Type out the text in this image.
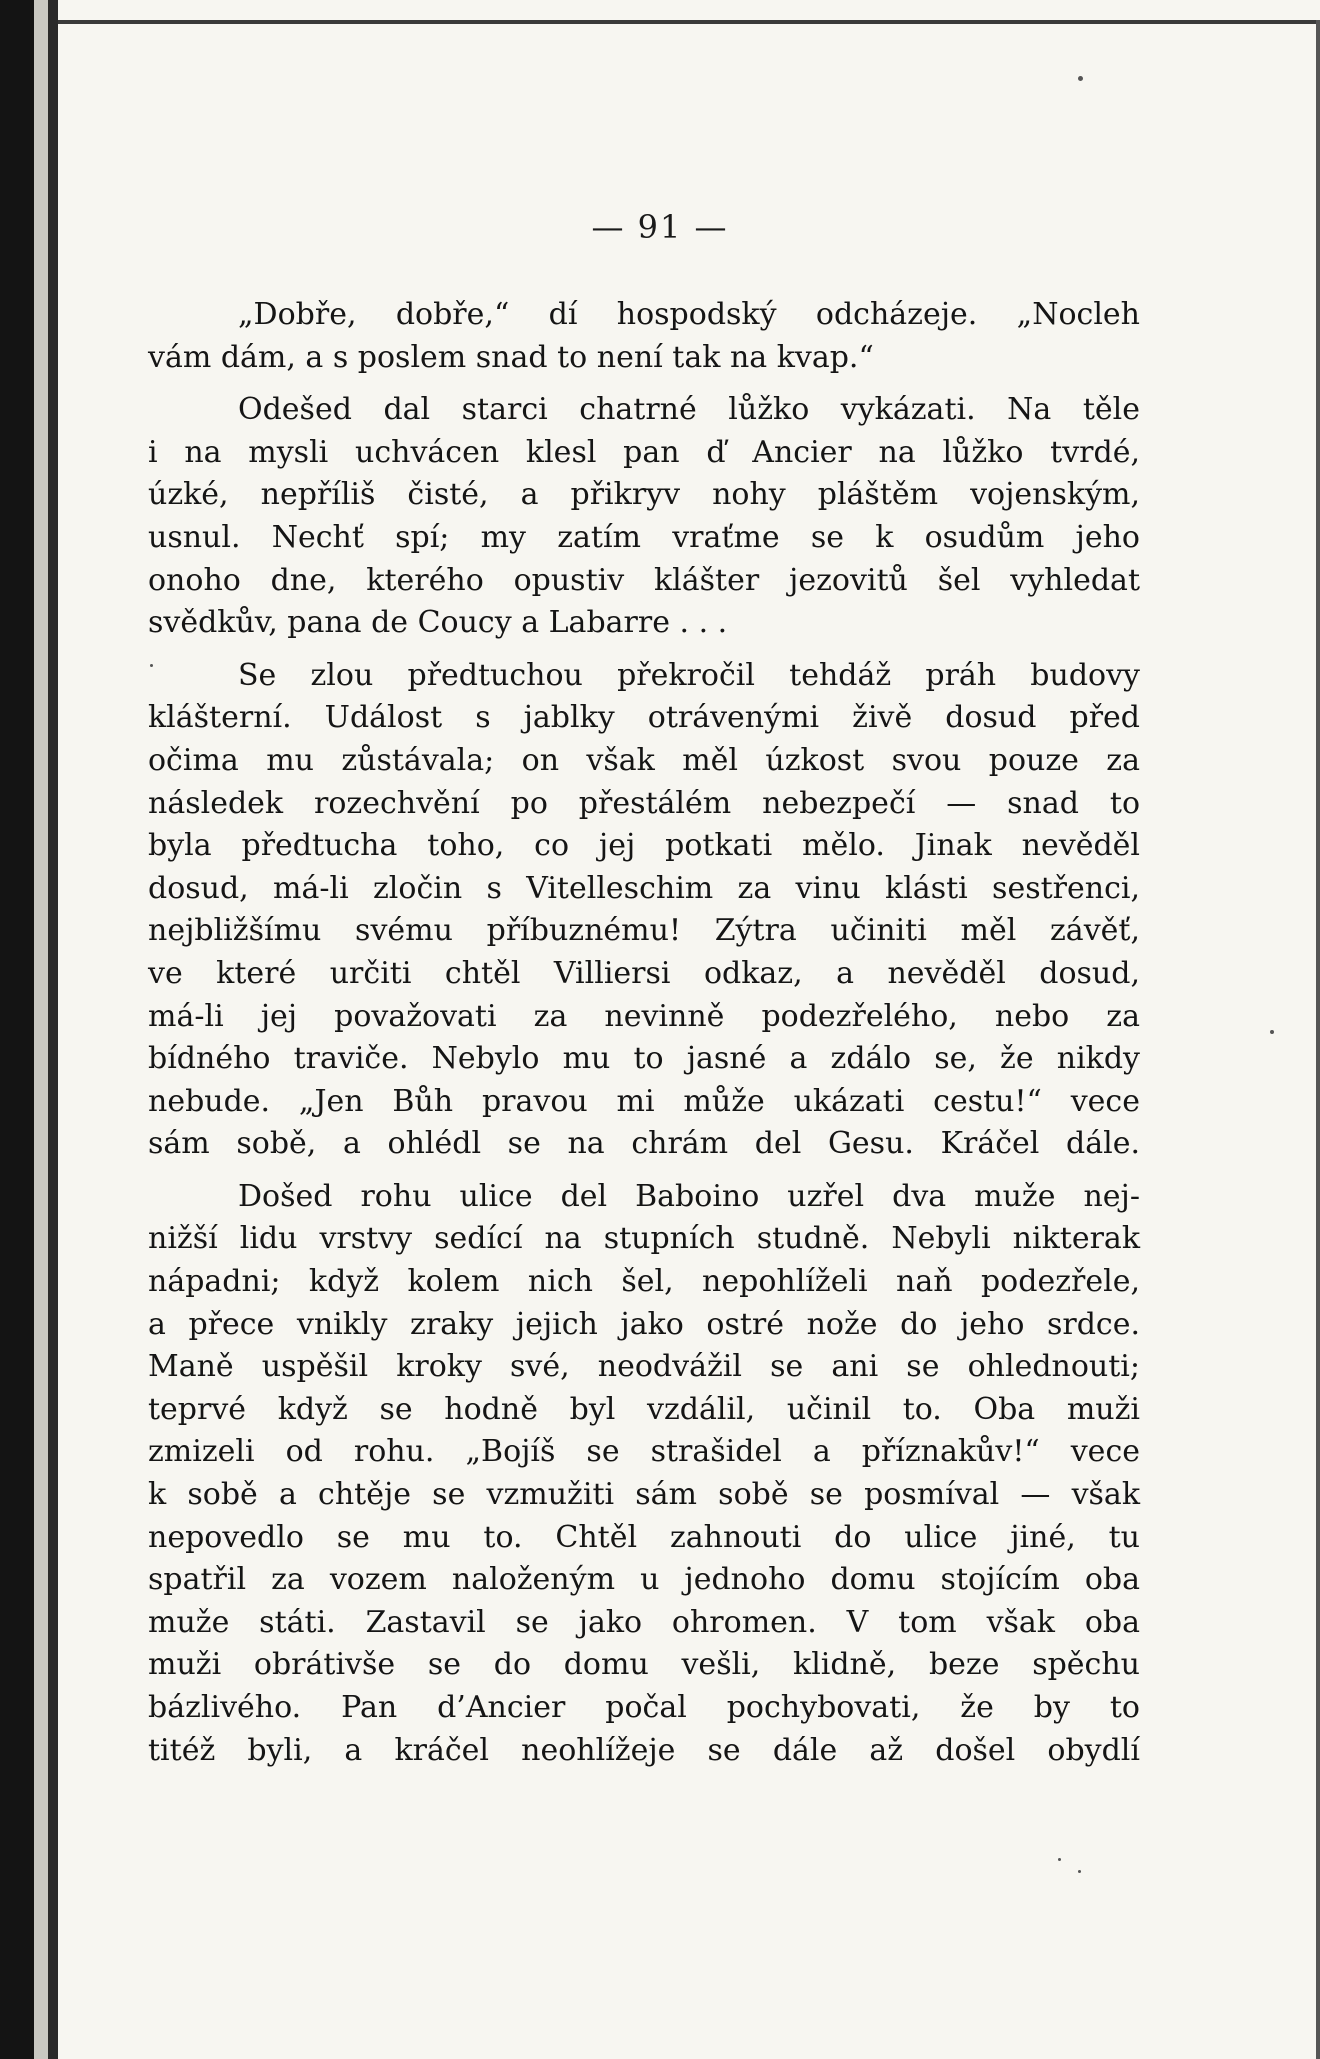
— 91 —
„Dobře, dobře,“ dí hospodský odcházeje. „Nocleh
vám dám, a s poslem snad to není tak na kvap.“
Odešed dal starci chatrné lůžko vykázati. Na těle
i na mysli uchvácen klesl pan ď Ancier na lůžko tvrdé,
úzké, nepříliš čisté, a přikryv nohy pláštěm vojenským,
usnul. Nechť spí; my zatím vraťme se k osudům jeho
onoho dne, kterého opustiv klášter jezovitů šel vyhledat
svědkův, pana de Coucy a Labarre . . .
Se zlou předtuchou překročil tehdáž práh budovy
klášterní. Událost s jablky otrávenými živě dosud před
očima mu zůstávala; on však měl úzkost svou pouze za
následek rozechvění po přestálém nebezpečí — snad to
byla předtucha toho, co jej potkati mělo. Jinak nevěděl
dosud, má-li zločin s Vitelleschim za vinu klásti sestřenci,
nejbližšímu svému příbuznému! Zýtra učiniti měl závěť,
ve které určiti chtěl Villiersi odkaz, a nevěděl dosud,
má-li jej považovati za nevinně podezřelého, nebo za
bídného traviče. Nebylo mu to jasné a zdálo se, že nikdy
nebude. „Jen Bůh pravou mi může ukázati cestu!“ vece
sám sobě, a ohlédl se na chrám del Gesu. Kráčel dále.
Došed rohu ulice del Baboino uzřel dva muže nej-
nižší lidu vrstvy sedící na stupních studně. Nebyli nikterak
nápadni; když kolem nich šel, nepohlíželi naň podezřele,
a přece vnikly zraky jejich jako ostré nože do jeho srdce.
Maně uspěšil kroky své, neodvážil se ani se ohlednouti;
teprvé když se hodně byl vzdálil, učinil to. Oba muži
zmizeli od rohu. „Bojíš se strašidel a příznakův!“ vece
k sobě a chtěje se vzmužiti sám sobě se posmíval — však
nepovedlo se mu to. Chtěl zahnouti do ulice jiné, tu
spatřil za vozem naloženým u jednoho domu stojícím oba
muže státi. Zastavil se jako ohromen. V tom však oba
muži obrátivše se do domu vešli, klidně, beze spěchu
bázlivého. Pan d’Ancier počal pochybovati, že by to
titéž byli, a kráčel neohlížeje se dále až došel obydlí
